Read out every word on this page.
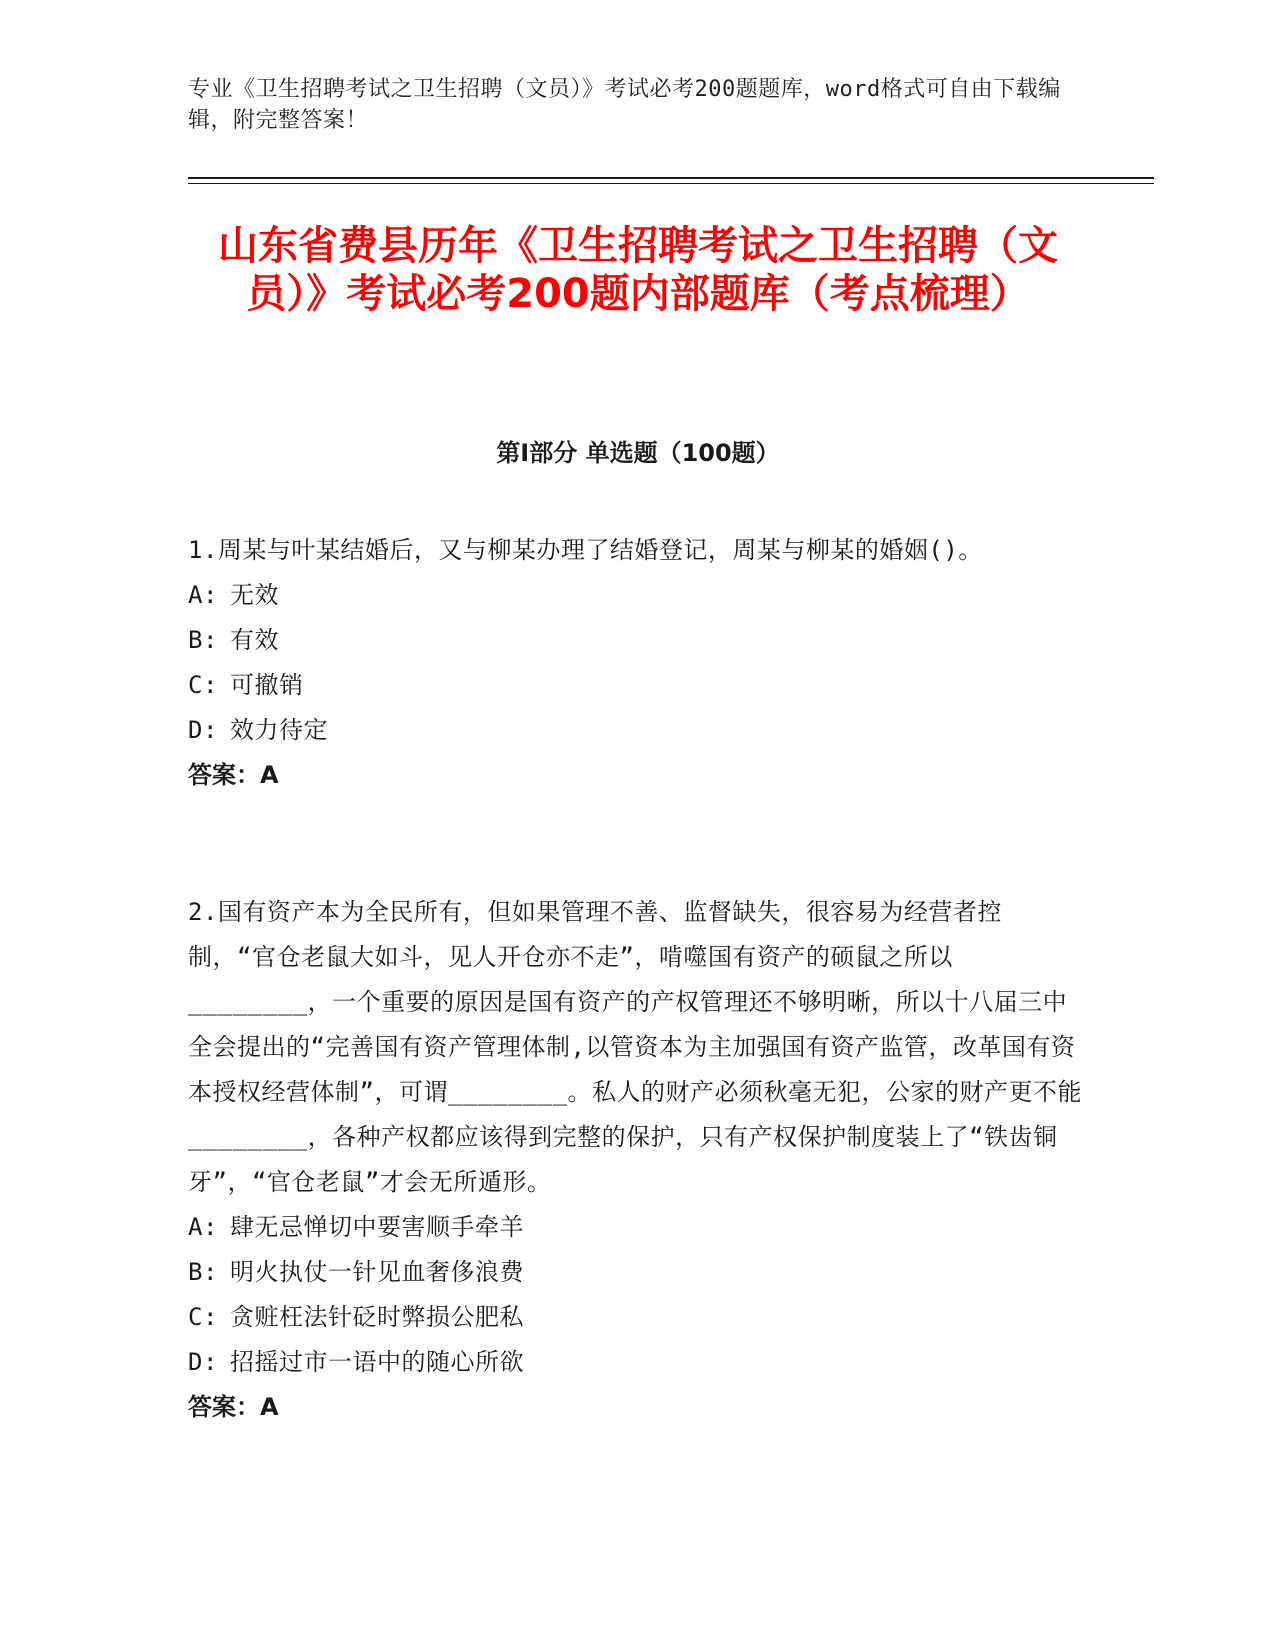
专业《卫生招聘考试之卫生招聘（文员）》考试必考200题题库，word格式可自由下载编辑，附完整答案！
山东省费县历年《卫生招聘考试之卫生招聘（文员）》考试必考200题内部题库（考点梳理）
第I部分 单选题（100题）

1.周某与叶某结婚后，又与柳某办理了结婚登记，周某与柳某的婚姻()。

A: 无效

B: 有效

C: 可撤销

D: 效力待定

答案：A

2.国有资产本为全民所有，但如果管理不善、监督缺失，很容易为经营者控制，“官仓老鼠大如斗，见人开仓亦不走”，啃噬国有资产的硕鼠之所以________，一个重要的原因是国有资产的产权管理还不够明晰，所以十八届三中全会提出的“完善国有资产管理体制,以管资本为主加强国有资产监管，改革国有资本授权经营体制”，可谓________。私人的财产必须秋毫无犯，公家的财产更不能________，各种产权都应该得到完整的保护，只有产权保护制度装上了“铁齿铜牙”，“官仓老鼠”才会无所遁形。

A: 肆无忌惮切中要害顺手牵羊

B: 明火执仗一针见血奢侈浪费

C: 贪赃枉法针砭时弊损公肥私

D: 招摇过市一语中的随心所欲

答案：A
